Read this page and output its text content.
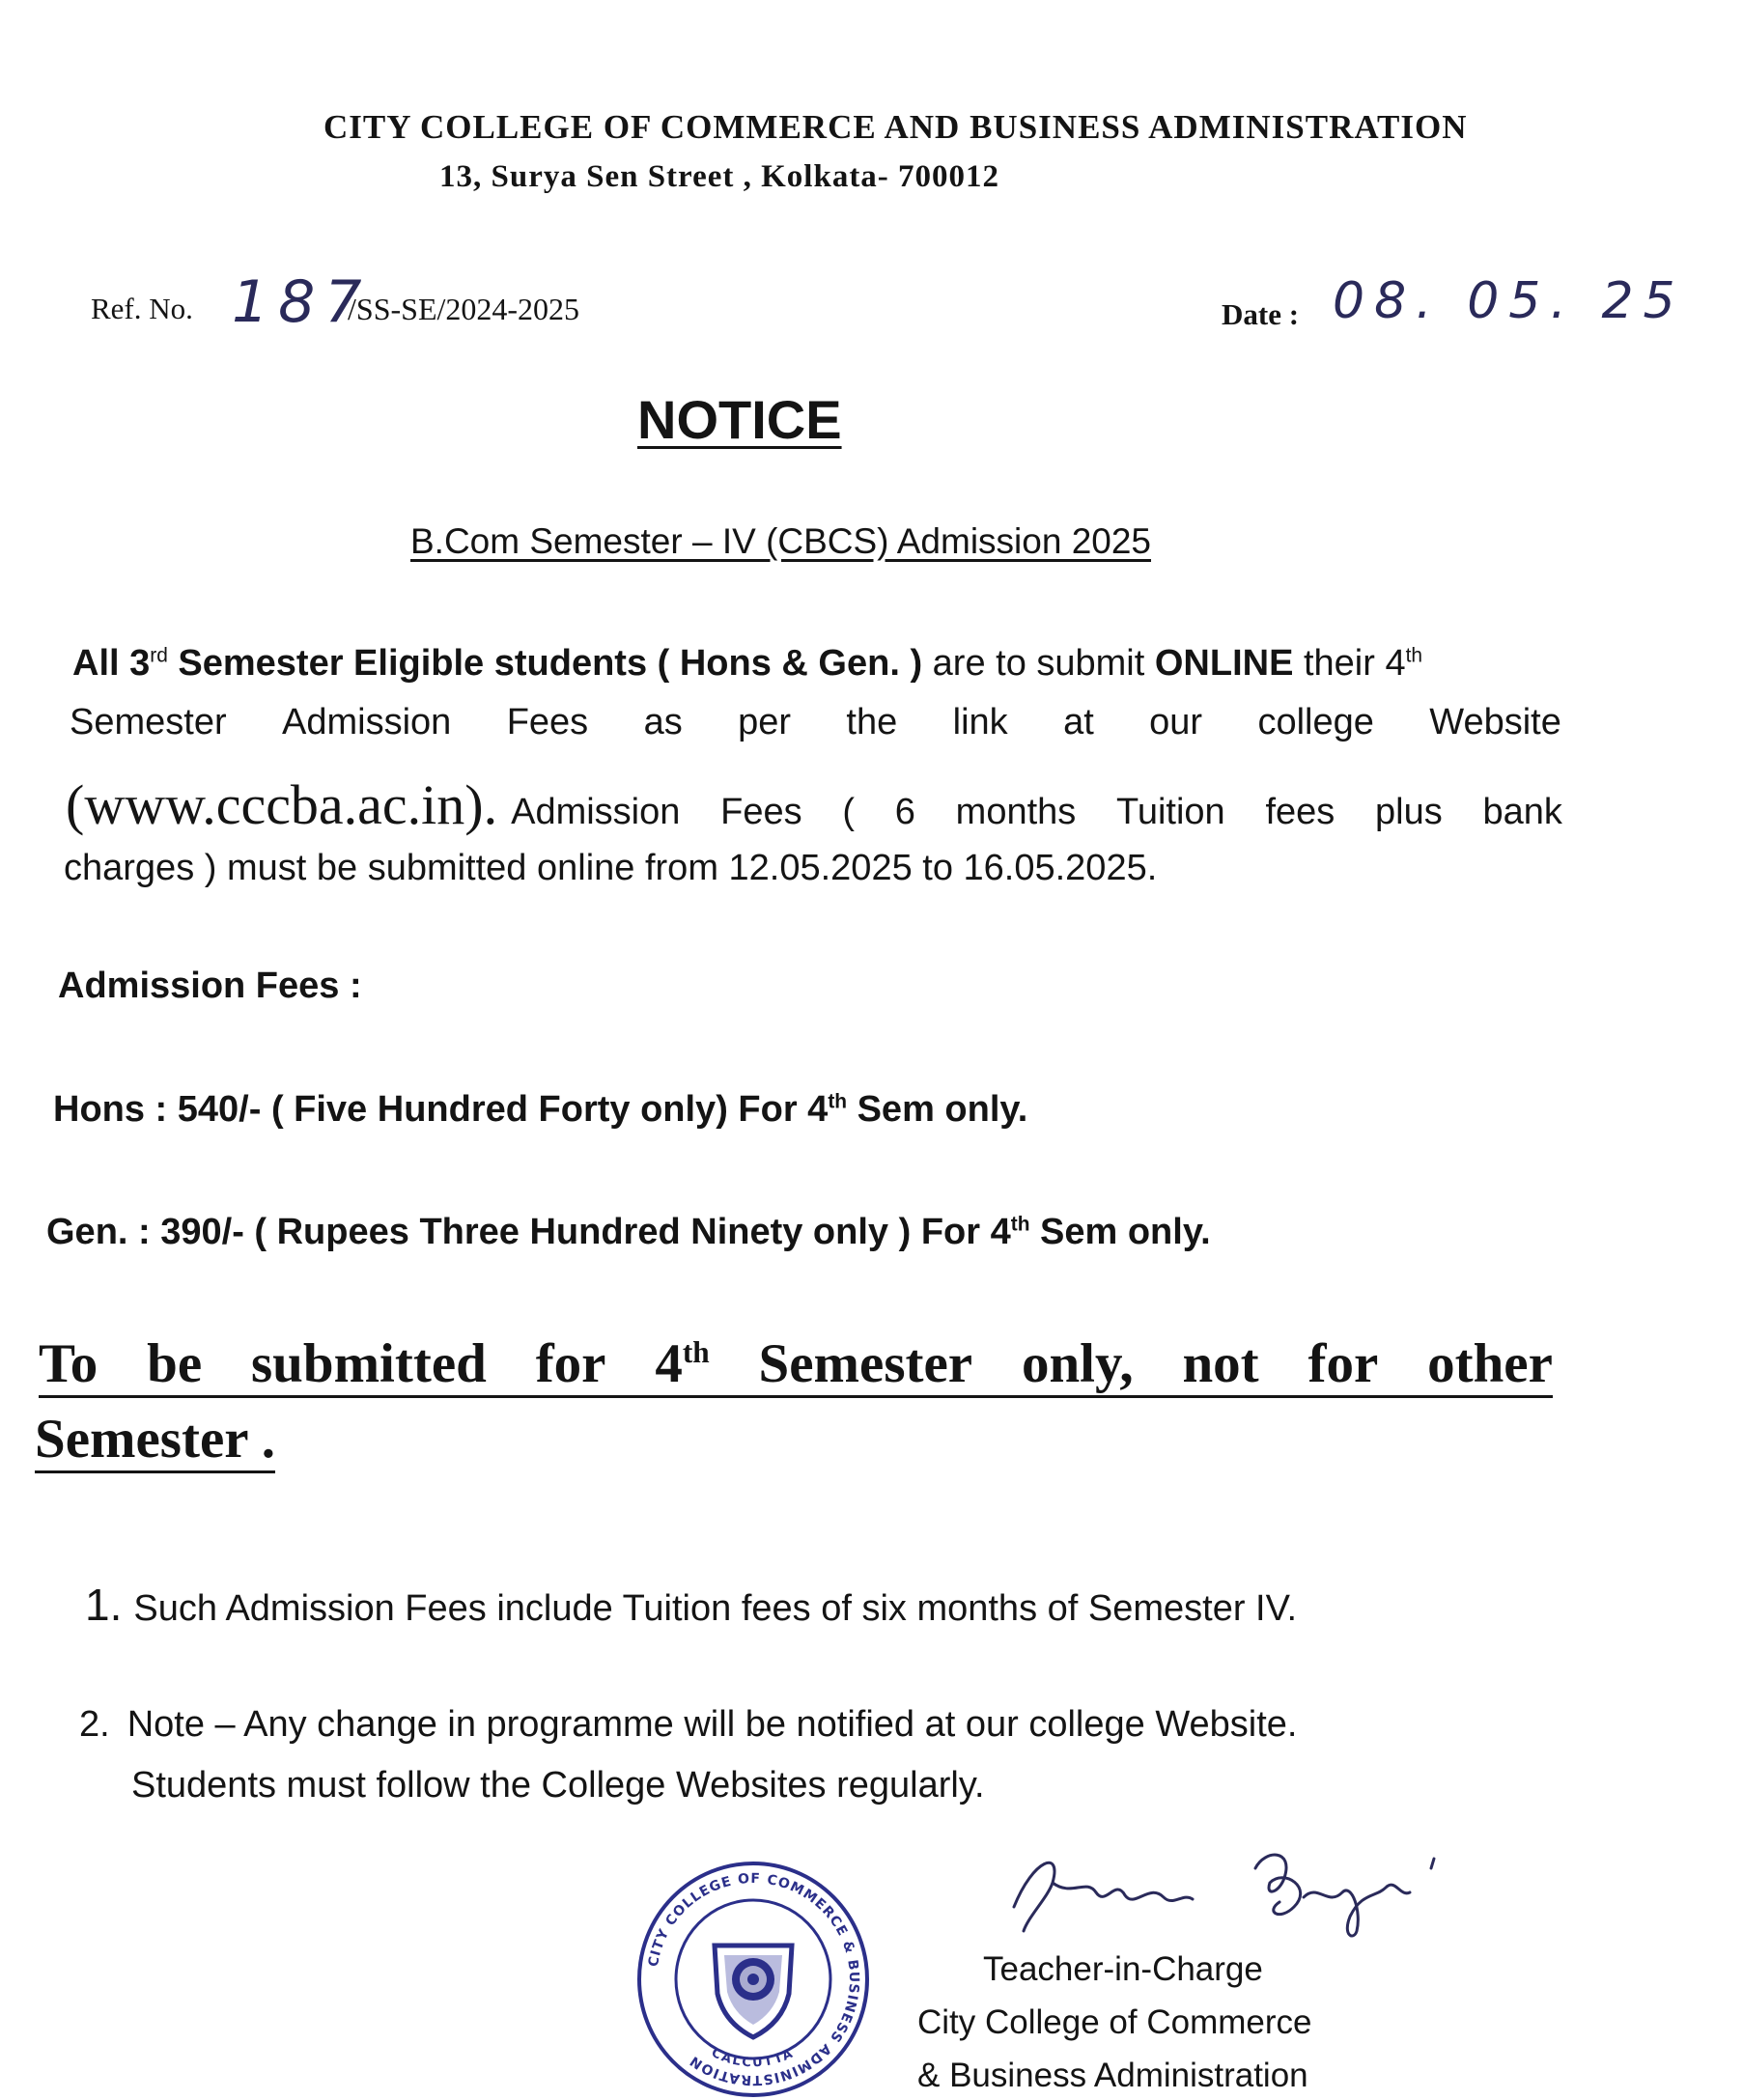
CITY COLLEGE OF COMMERCE AND BUSINESS ADMINISTRATION
13, Surya Sen Street , Kolkata- 700012
Ref. No. 187
/SS-SE/2024-2025	Date : 08. 05. 25
NOTICE
B.Com Semester – IV (CBCS) Admission 2025
All 3rd Semester Eligible students ( Hons & Gen. ) are to submit ONLINE their 4th
Semester Admission Fees as per the link at our college Website
(www.cccba.ac.in). Admission Fees ( 6 months Tuition fees plus bank
charges ) must be submitted online from 12.05.2025 to 16.05.2025.
Admission Fees :
Hons : 540/- ( Five Hundred Forty only) For 4th Sem only.
Gen. : 390/- ( Rupees Three Hundred Ninety only ) For 4th Sem only.
To be submitted for 4th Semester only, not for other
Semester .
1. Such Admission Fees include Tuition fees of six months of Semester IV.
2. Note – Any change in programme will be notified at our college Website.
Students must follow the College Websites regularly.
CITY COLLEGE OF COMMERCE & BUSINESS ADMINISTRATION CALCUTTA
Teacher-in-Charge
City College of Commerce
& Business Administration
